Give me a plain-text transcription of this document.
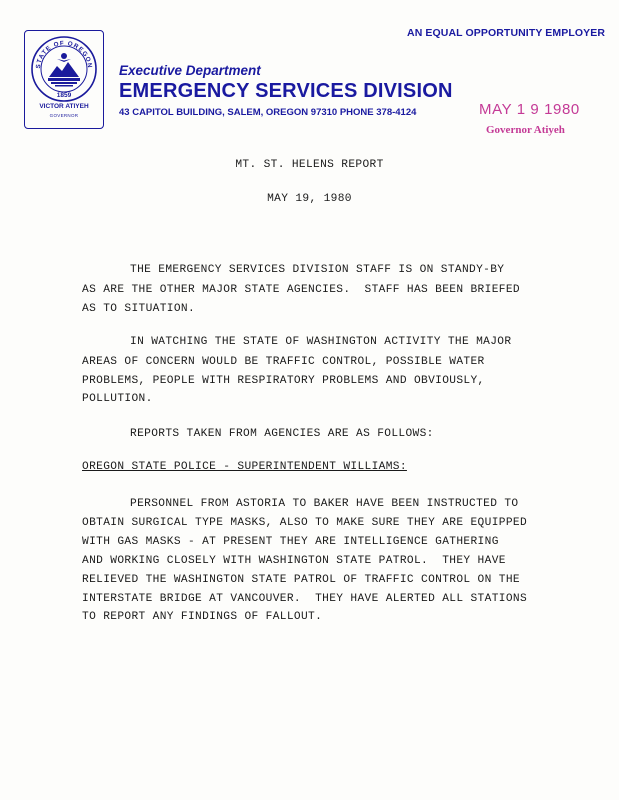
AN EQUAL OPPORTUNITY EMPLOYER
STATE OF OREGON
1859
VICTOR ATIYEH
GOVERNOR
Executive Department
EMERGENCY SERVICES DIVISION
43 CAPITOL BUILDING, SALEM, OREGON 97310 PHONE 378-4124	MAY 1 9 1980
Governor Atiyeh
MT. ST. HELENS REPORT
MAY 19, 1980
THE EMERGENCY SERVICES DIVISION STAFF IS ON STANDY-BY
AS ARE THE OTHER MAJOR STATE AGENCIES.  STAFF HAS BEEN BRIEFED
AS TO SITUATION.
IN WATCHING THE STATE OF WASHINGTON ACTIVITY THE MAJOR
AREAS OF CONCERN WOULD BE TRAFFIC CONTROL, POSSIBLE WATER
PROBLEMS, PEOPLE WITH RESPIRATORY PROBLEMS AND OBVIOUSLY,
POLLUTION.
REPORTS TAKEN FROM AGENCIES ARE AS FOLLOWS:
OREGON STATE POLICE - SUPERINTENDENT WILLIAMS:
PERSONNEL FROM ASTORIA TO BAKER HAVE BEEN INSTRUCTED TO
OBTAIN SURGICAL TYPE MASKS, ALSO TO MAKE SURE THEY ARE EQUIPPED
WITH GAS MASKS - AT PRESENT THEY ARE INTELLIGENCE GATHERING
AND WORKING CLOSELY WITH WASHINGTON STATE PATROL.  THEY HAVE
RELIEVED THE WASHINGTON STATE PATROL OF TRAFFIC CONTROL ON THE
INTERSTATE BRIDGE AT VANCOUVER.  THEY HAVE ALERTED ALL STATIONS
TO REPORT ANY FINDINGS OF FALLOUT.
